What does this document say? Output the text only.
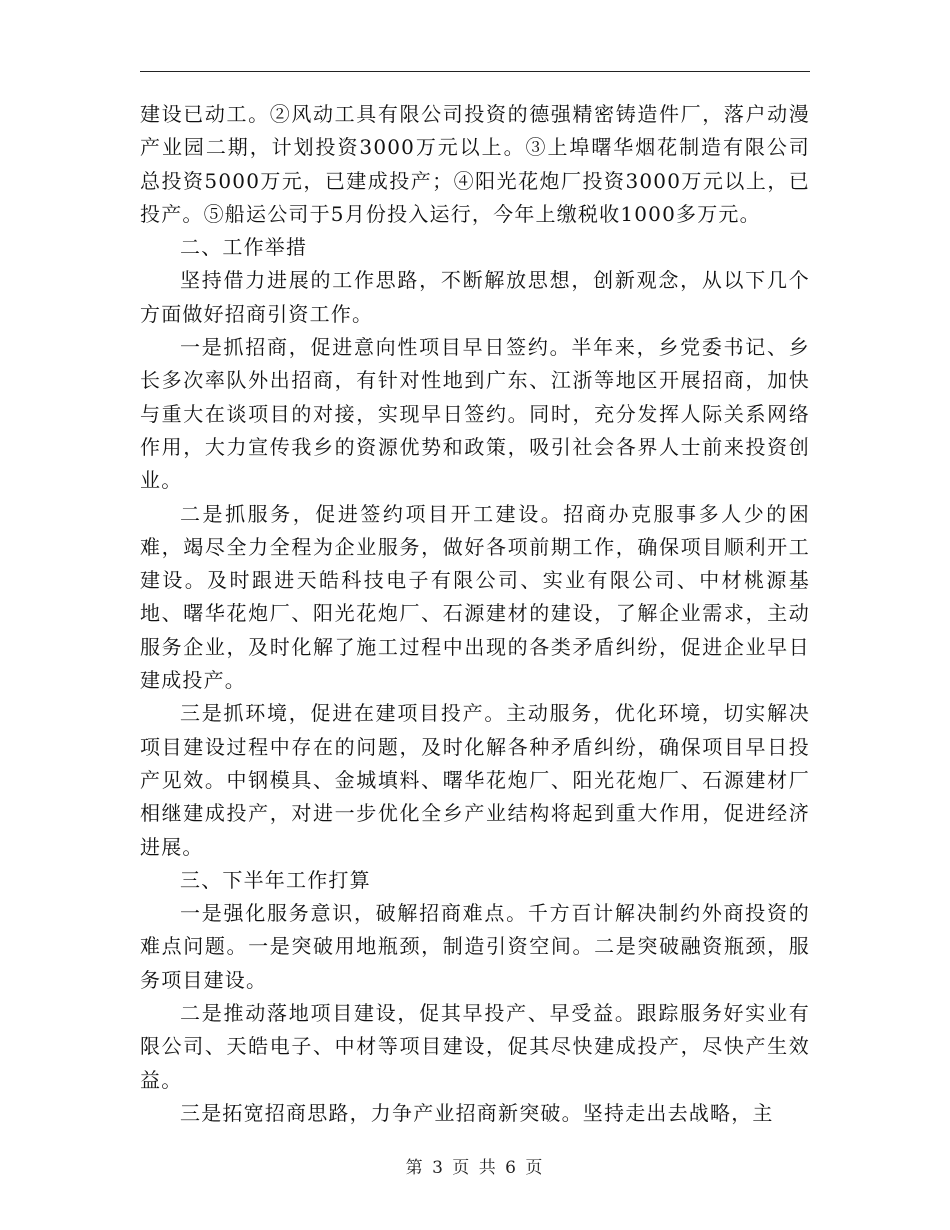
建设已动工。②风动工具有限公司投资的德强精密铸造件厂，落户动漫产业园二期，计划投资3000万元以上。③上埠曙华烟花制造有限公司总投资5000万元，已建成投产；④阳光花炮厂投资3000万元以上，已投产。⑤船运公司于5月份投入运行，今年上缴税收1000多万元。

二、工作举措

坚持借力进展的工作思路，不断解放思想，创新观念，从以下几个方面做好招商引资工作。

一是抓招商，促进意向性项目早日签约。半年来，乡党委书记、乡长多次率队外出招商，有针对性地到广东、江浙等地区开展招商，加快与重大在谈项目的对接，实现早日签约。同时，充分发挥人际关系网络作用，大力宣传我乡的资源优势和政策，吸引社会各界人士前来投资创业。

二是抓服务，促进签约项目开工建设。招商办克服事多人少的困难，竭尽全力全程为企业服务，做好各项前期工作，确保项目顺利开工建设。及时跟进天皓科技电子有限公司、实业有限公司、中材桃源基地、曙华花炮厂、阳光花炮厂、石源建材的建设，了解企业需求，主动服务企业，及时化解了施工过程中出现的各类矛盾纠纷，促进企业早日建成投产。

三是抓环境，促进在建项目投产。主动服务，优化环境，切实解决项目建设过程中存在的问题，及时化解各种矛盾纠纷，确保项目早日投产见效。中钢模具、金城填料、曙华花炮厂、阳光花炮厂、石源建材厂相继建成投产，对进一步优化全乡产业结构将起到重大作用，促进经济进展。

三、下半年工作打算

一是强化服务意识，破解招商难点。千方百计解决制约外商投资的难点问题。一是突破用地瓶颈，制造引资空间。二是突破融资瓶颈，服务项目建设。

二是推动落地项目建设，促其早投产、早受益。跟踪服务好实业有限公司、天皓电子、中材等项目建设，促其尽快建成投产，尽快产生效益。

三是拓宽招商思路，力争产业招商新突破。坚持走出去战略，主

第 3 页 共 6 页
